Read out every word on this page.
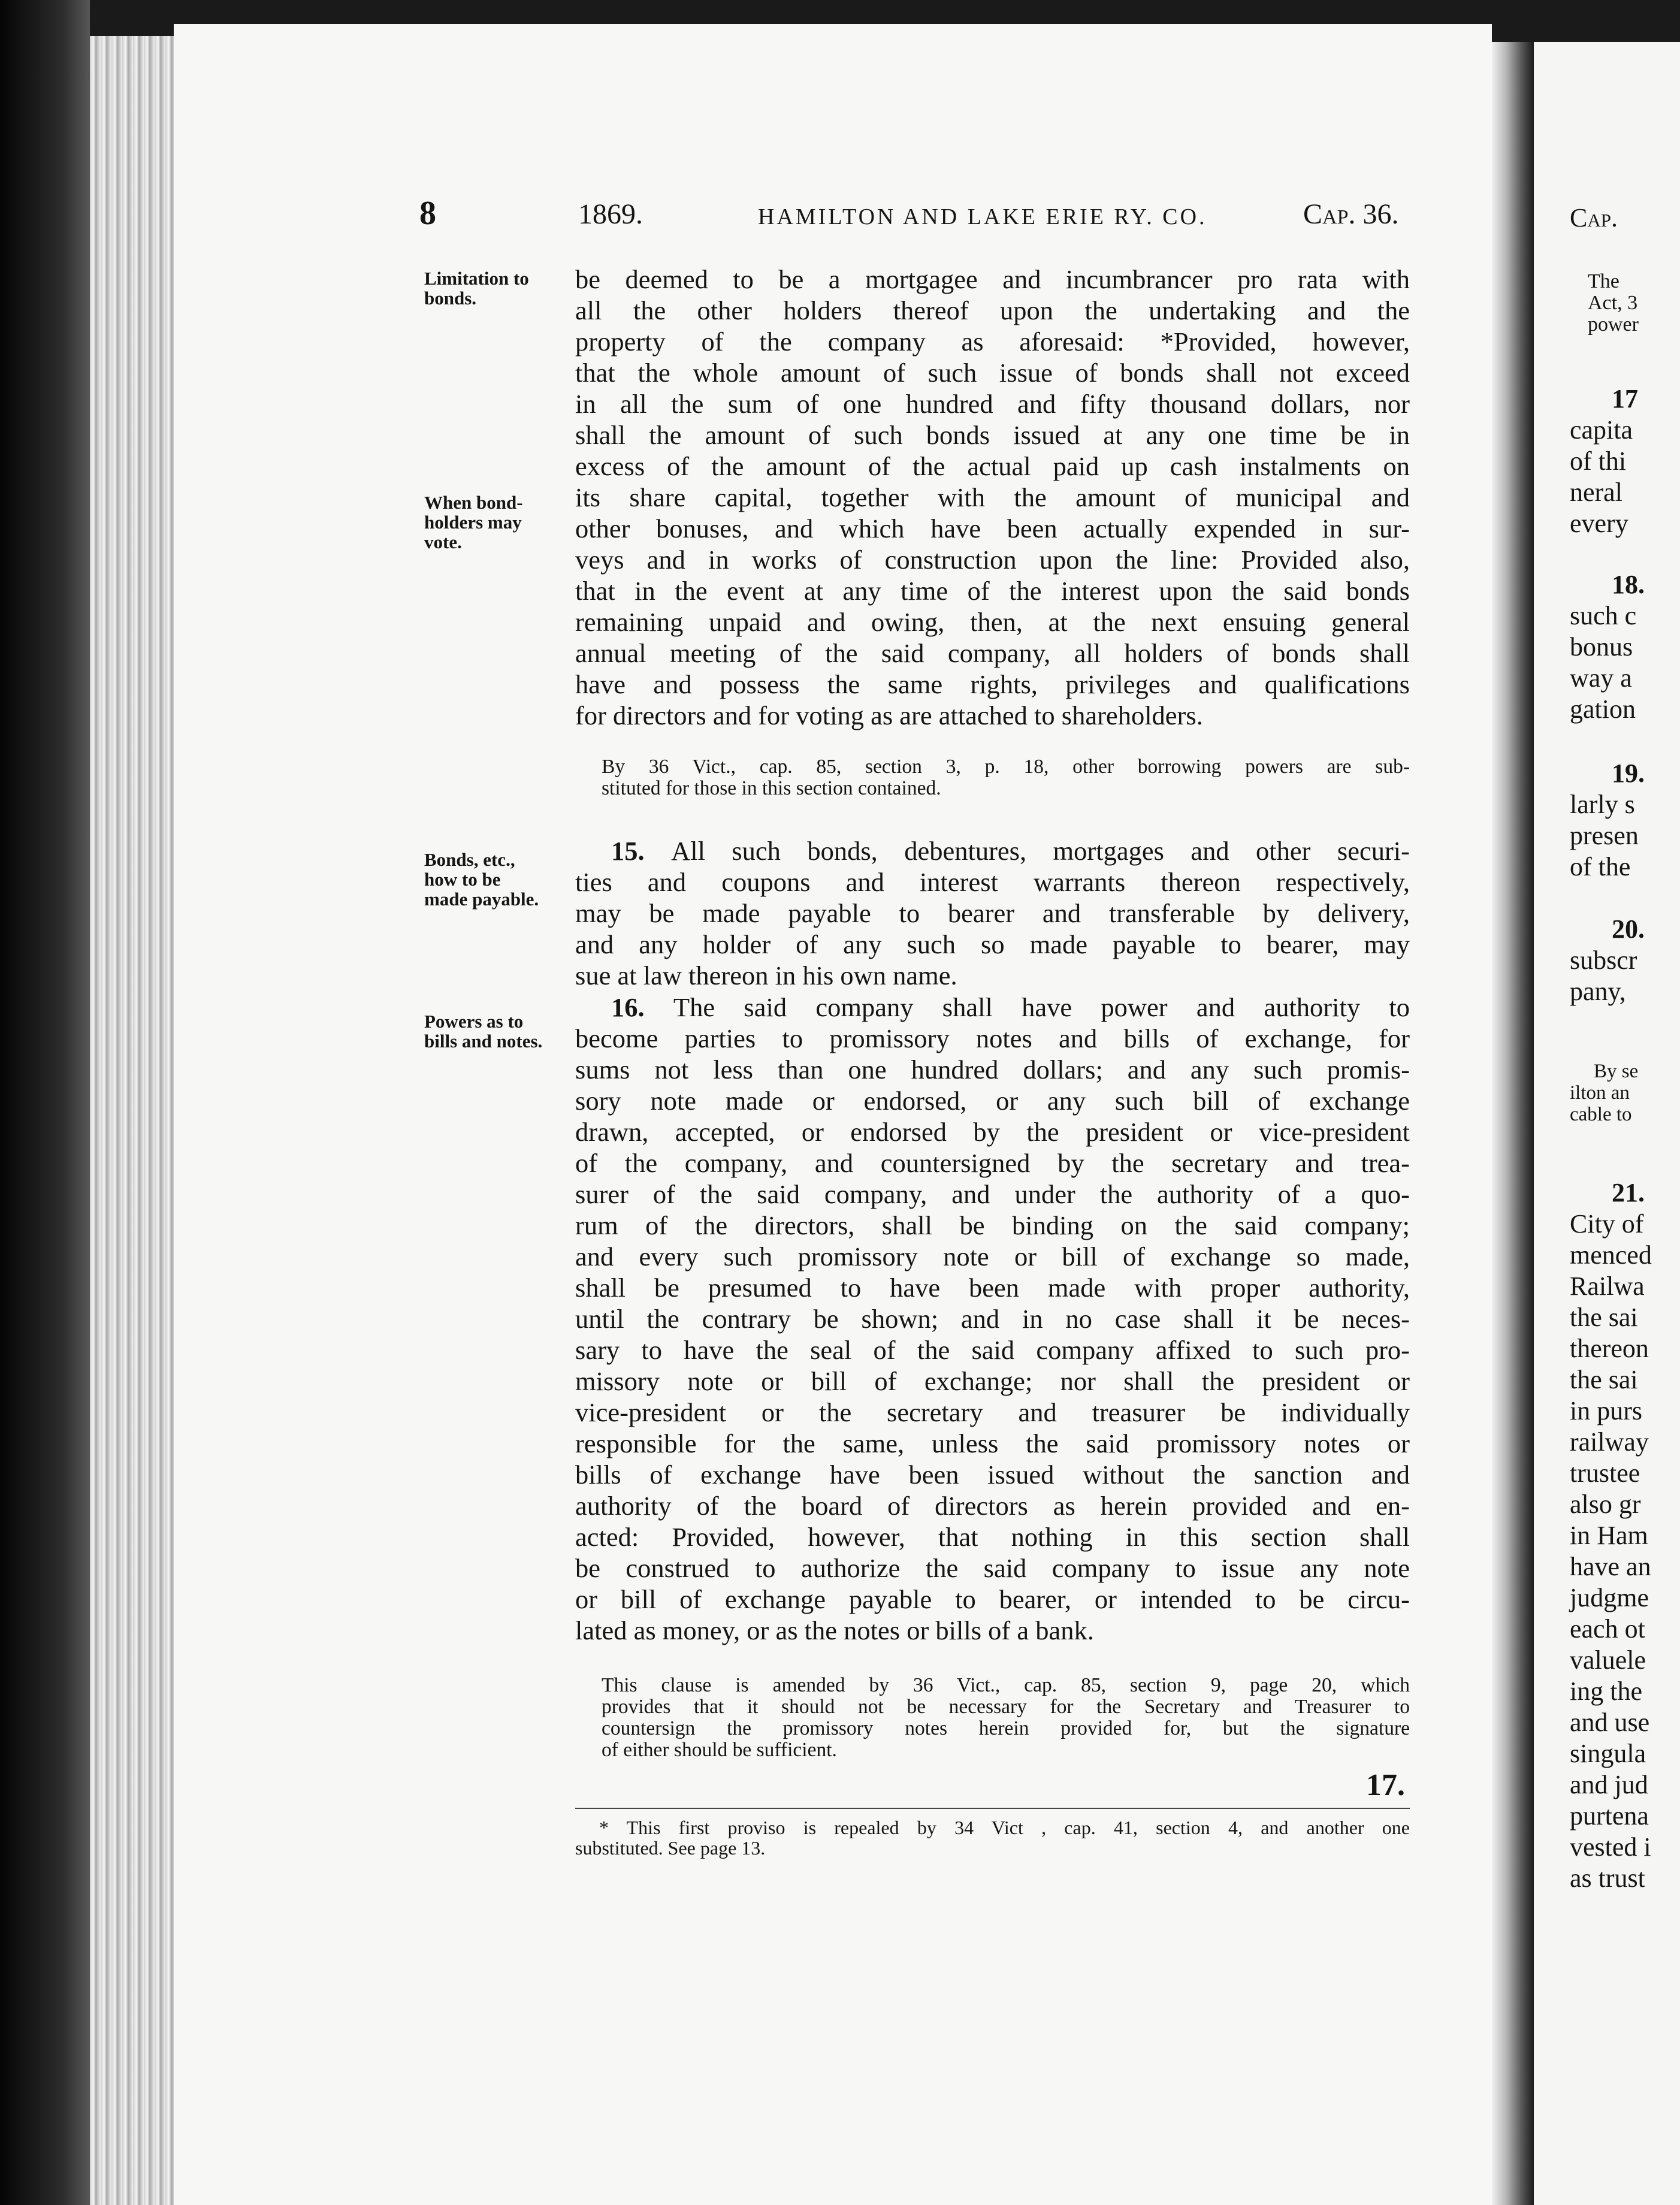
8	1869.	HAMILTON AND LAKE ERIE RY. CO.	Cap. 36.
Limitation to
bonds.
When bond-
holders may
vote.
Bonds, etc.,
how to be
made payable.
Powers as to
bills and notes.
be deemed to be a mortgagee and incumbrancer pro rata with
all the other holders thereof upon the undertaking and the
property of the company as aforesaid: *Provided, however,
that the whole amount of such issue of bonds shall not exceed
in all the sum of one hundred and fifty thousand dollars, nor
shall the amount of such bonds issued at any one time be in
excess of the amount of the actual paid up cash instalments on
its share capital, together with the amount of municipal and
other bonuses, and which have been actually expended in sur-
veys and in works of construction upon the line: Provided also,
that in the event at any time of the interest upon the said bonds
remaining unpaid and owing, then, at the next ensuing general
annual meeting of the said company, all holders of bonds shall
have and possess the same rights, privileges and qualifications
for directors and for voting as are attached to shareholders.
By 36 Vict., cap. 85, section 3, p. 18, other borrowing powers are sub-
stituted for those in this section contained.
15. All such bonds, debentures, mortgages and other securi-
ties and coupons and interest warrants thereon respectively,
may be made payable to bearer and transferable by delivery,
and any holder of any such so made payable to bearer, may
sue at law thereon in his own name.
16. The said company shall have power and authority to
become parties to promissory notes and bills of exchange, for
sums not less than one hundred dollars; and any such promis-
sory note made or endorsed, or any such bill of exchange
drawn, accepted, or endorsed by the president or vice-president
of the company, and countersigned by the secretary and trea-
surer of the said company, and under the authority of a quo-
rum of the directors, shall be binding on the said company;
and every such promissory note or bill of exchange so made,
shall be presumed to have been made with proper authority,
until the contrary be shown; and in no case shall it be neces-
sary to have the seal of the said company affixed to such pro-
missory note or bill of exchange; nor shall the president or
vice-president or the secretary and treasurer be individually
responsible for the same, unless the said promissory notes or
bills of exchange have been issued without the sanction and
authority of the board of directors as herein provided and en-
acted: Provided, however, that nothing in this section shall
be construed to authorize the said company to issue any note
or bill of exchange payable to bearer, or intended to be circu-
lated as money, or as the notes or bills of a bank.
This clause is amended by 36 Vict., cap. 85, section 9, page 20, which
provides that it should not be necessary for the Secretary and Treasurer to
countersign the promissory notes herein provided for, but the signature
of either should be sufficient.
17.
* This first proviso is repealed by 34 Vict , cap. 41, section 4, and another one
substituted. See page 13.
Cap.
The
Act, 3
power
17
capita
of thi
neral
every
18.
such c
bonus
way a
gation
19.
larly s
presen
of the
20.
subscr
pany,
By se
ilton an
cable to
21.
City of
menced
Railwa
the sai
thereon
the sai
in purs
railway
trustee
also gr
in Ham
have an
judgme
each ot
valuele
ing the
and use
singula
and jud
purtena
vested i
as trust
